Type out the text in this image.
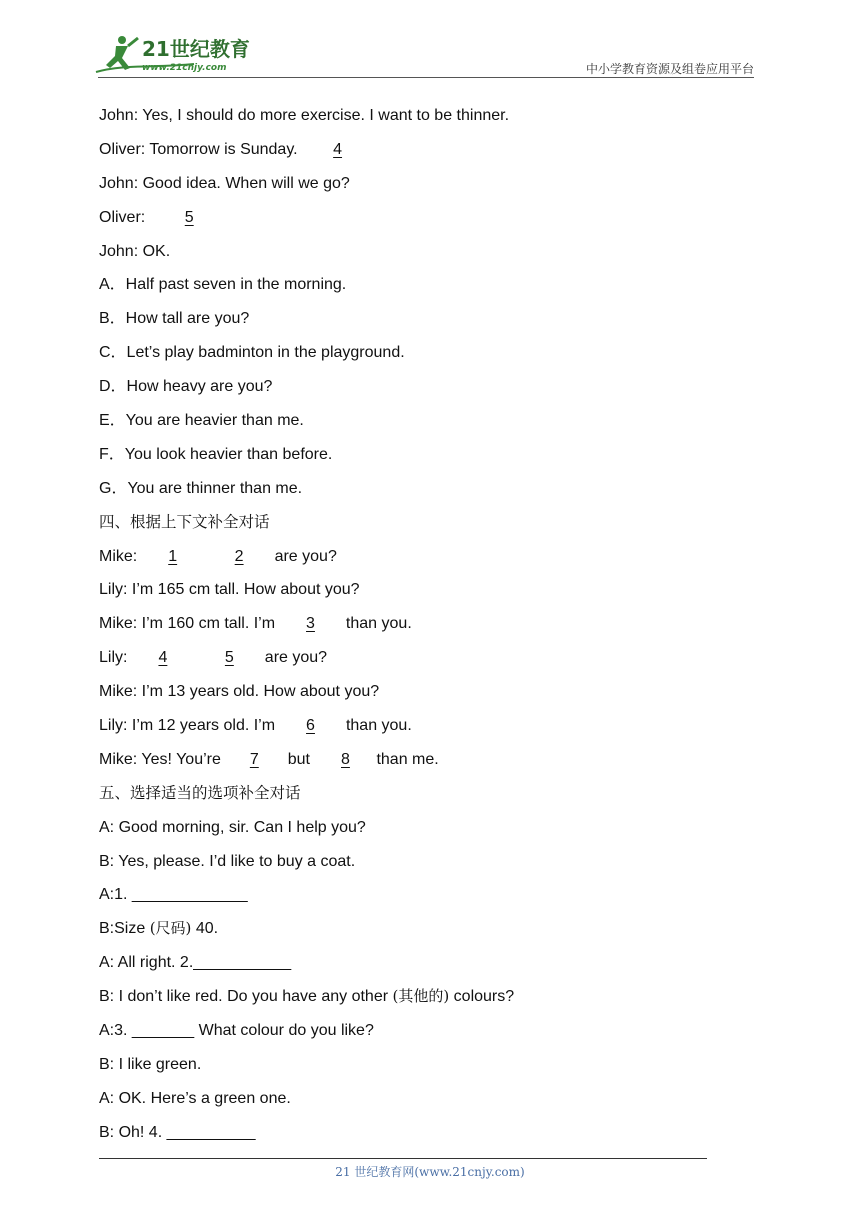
21世纪教育
www.21cnjy.com	中小学教育资源及组卷应用平台
John: Yes, I should do more exercise. I want to be thinner.
Oliver: Tomorrow is Sunday. 4
John: Good idea. When will we go?
Oliver: 5
John: OK.
A．Half past seven in the morning.
B．How tall are you?
C．Let’s play badminton in the playground.
D．How heavy are you?
E．You are heavier than me.
F．You look heavier than before.
G．You are thinner than me.
四、根据上下文补全对话
Mike: 1	2 are you?
Lily: I’m 165 cm tall. How about you?
Mike: I’m 160 cm tall. I’m 3 than you.
Lily: 4	5 are you?
Mike: I’m 13 years old. How about you?
Lily: I’m 12 years old. I’m 6 than you.
Mike: Yes! You’re 7 but 8 than me.
五、选择适当的选项补全对话
A: Good morning, sir. Can I help you?
B: Yes, please. I’d like to buy a coat.
A:1. _____________
B:Size (尺码) 40.
A: All right. 2.___________
B: I don’t like red. Do you have any other (其他的) colours?
A:3. _______ What colour do you like?
B: I like green.
A: OK. Here’s a green one.
B: Oh! 4. __________
21 世纪教育网(www.21cnjy.com)
